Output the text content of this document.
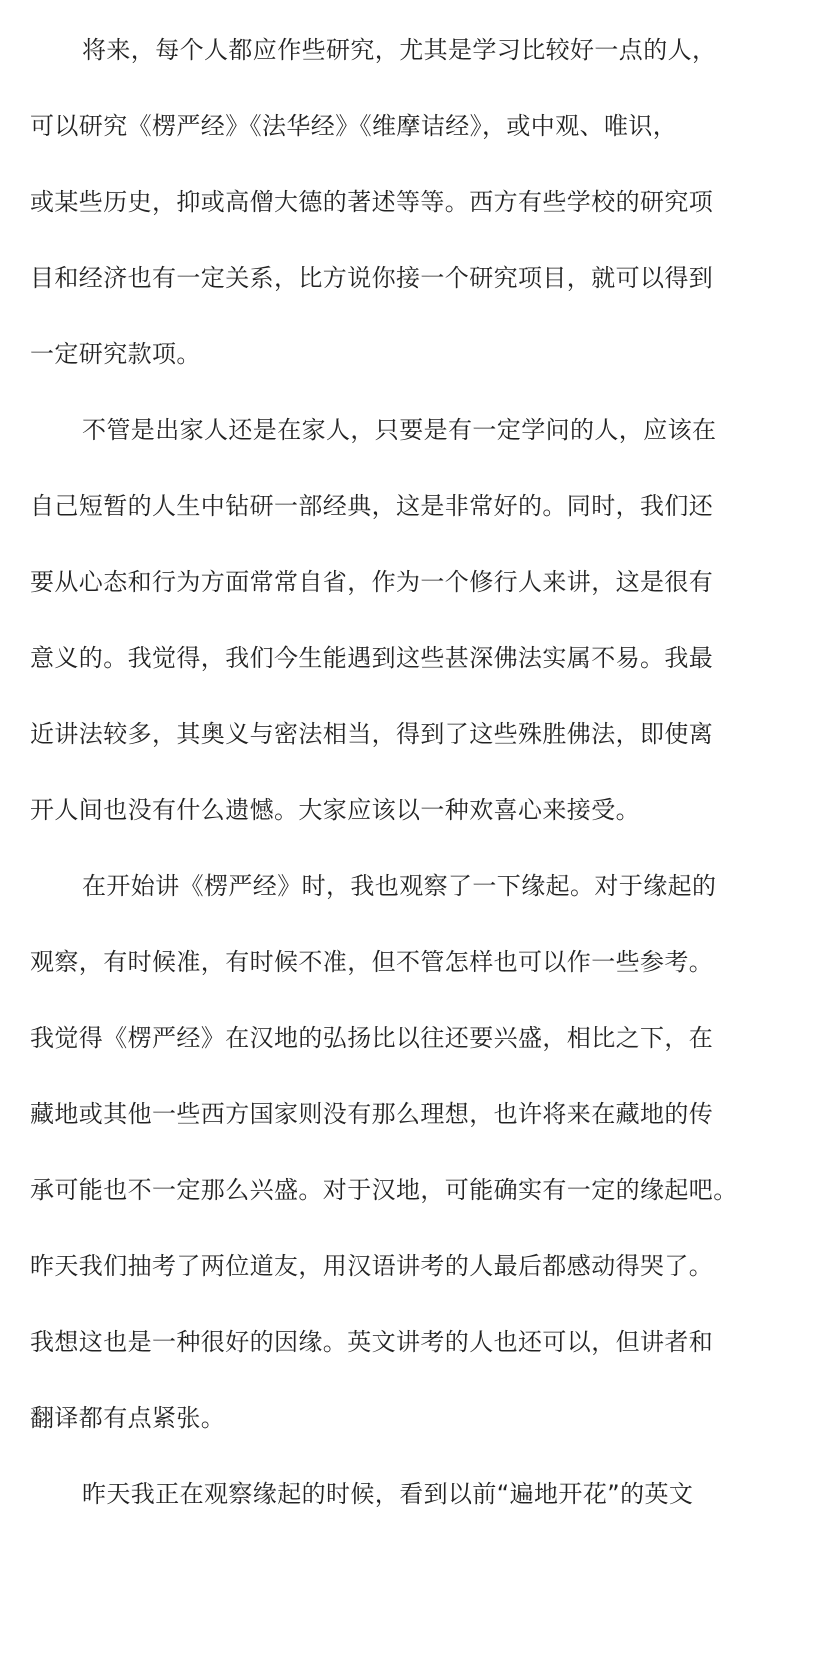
将来，每个人都应作些研究，尤其是学习比较好一点的人，
可以研究《楞严经》《法华经》《维摩诘经》，或中观、唯识，
或某些历史，抑或高僧大德的著述等等。西方有些学校的研究项
目和经济也有一定关系，比方说你接一个研究项目，就可以得到
一定研究款项。
不管是出家人还是在家人，只要是有一定学问的人，应该在
自己短暂的人生中钻研一部经典，这是非常好的。同时，我们还
要从心态和行为方面常常自省，作为一个修行人来讲，这是很有
意义的。我觉得，我们今生能遇到这些甚深佛法实属不易。我最
近讲法较多，其奥义与密法相当，得到了这些殊胜佛法，即使离
开人间也没有什么遗憾。大家应该以一种欢喜心来接受。
在开始讲《楞严经》时，我也观察了一下缘起。对于缘起的
观察，有时候准，有时候不准，但不管怎样也可以作一些参考。
我觉得《楞严经》在汉地的弘扬比以往还要兴盛，相比之下，在
藏地或其他一些西方国家则没有那么理想，也许将来在藏地的传
承可能也不一定那么兴盛。对于汉地，可能确实有一定的缘起吧。
昨天我们抽考了两位道友，用汉语讲考的人最后都感动得哭了。
我想这也是一种很好的因缘。英文讲考的人也还可以，但讲者和
翻译都有点紧张。
昨天我正在观察缘起的时候，看到以前“遍地开花”的英文
